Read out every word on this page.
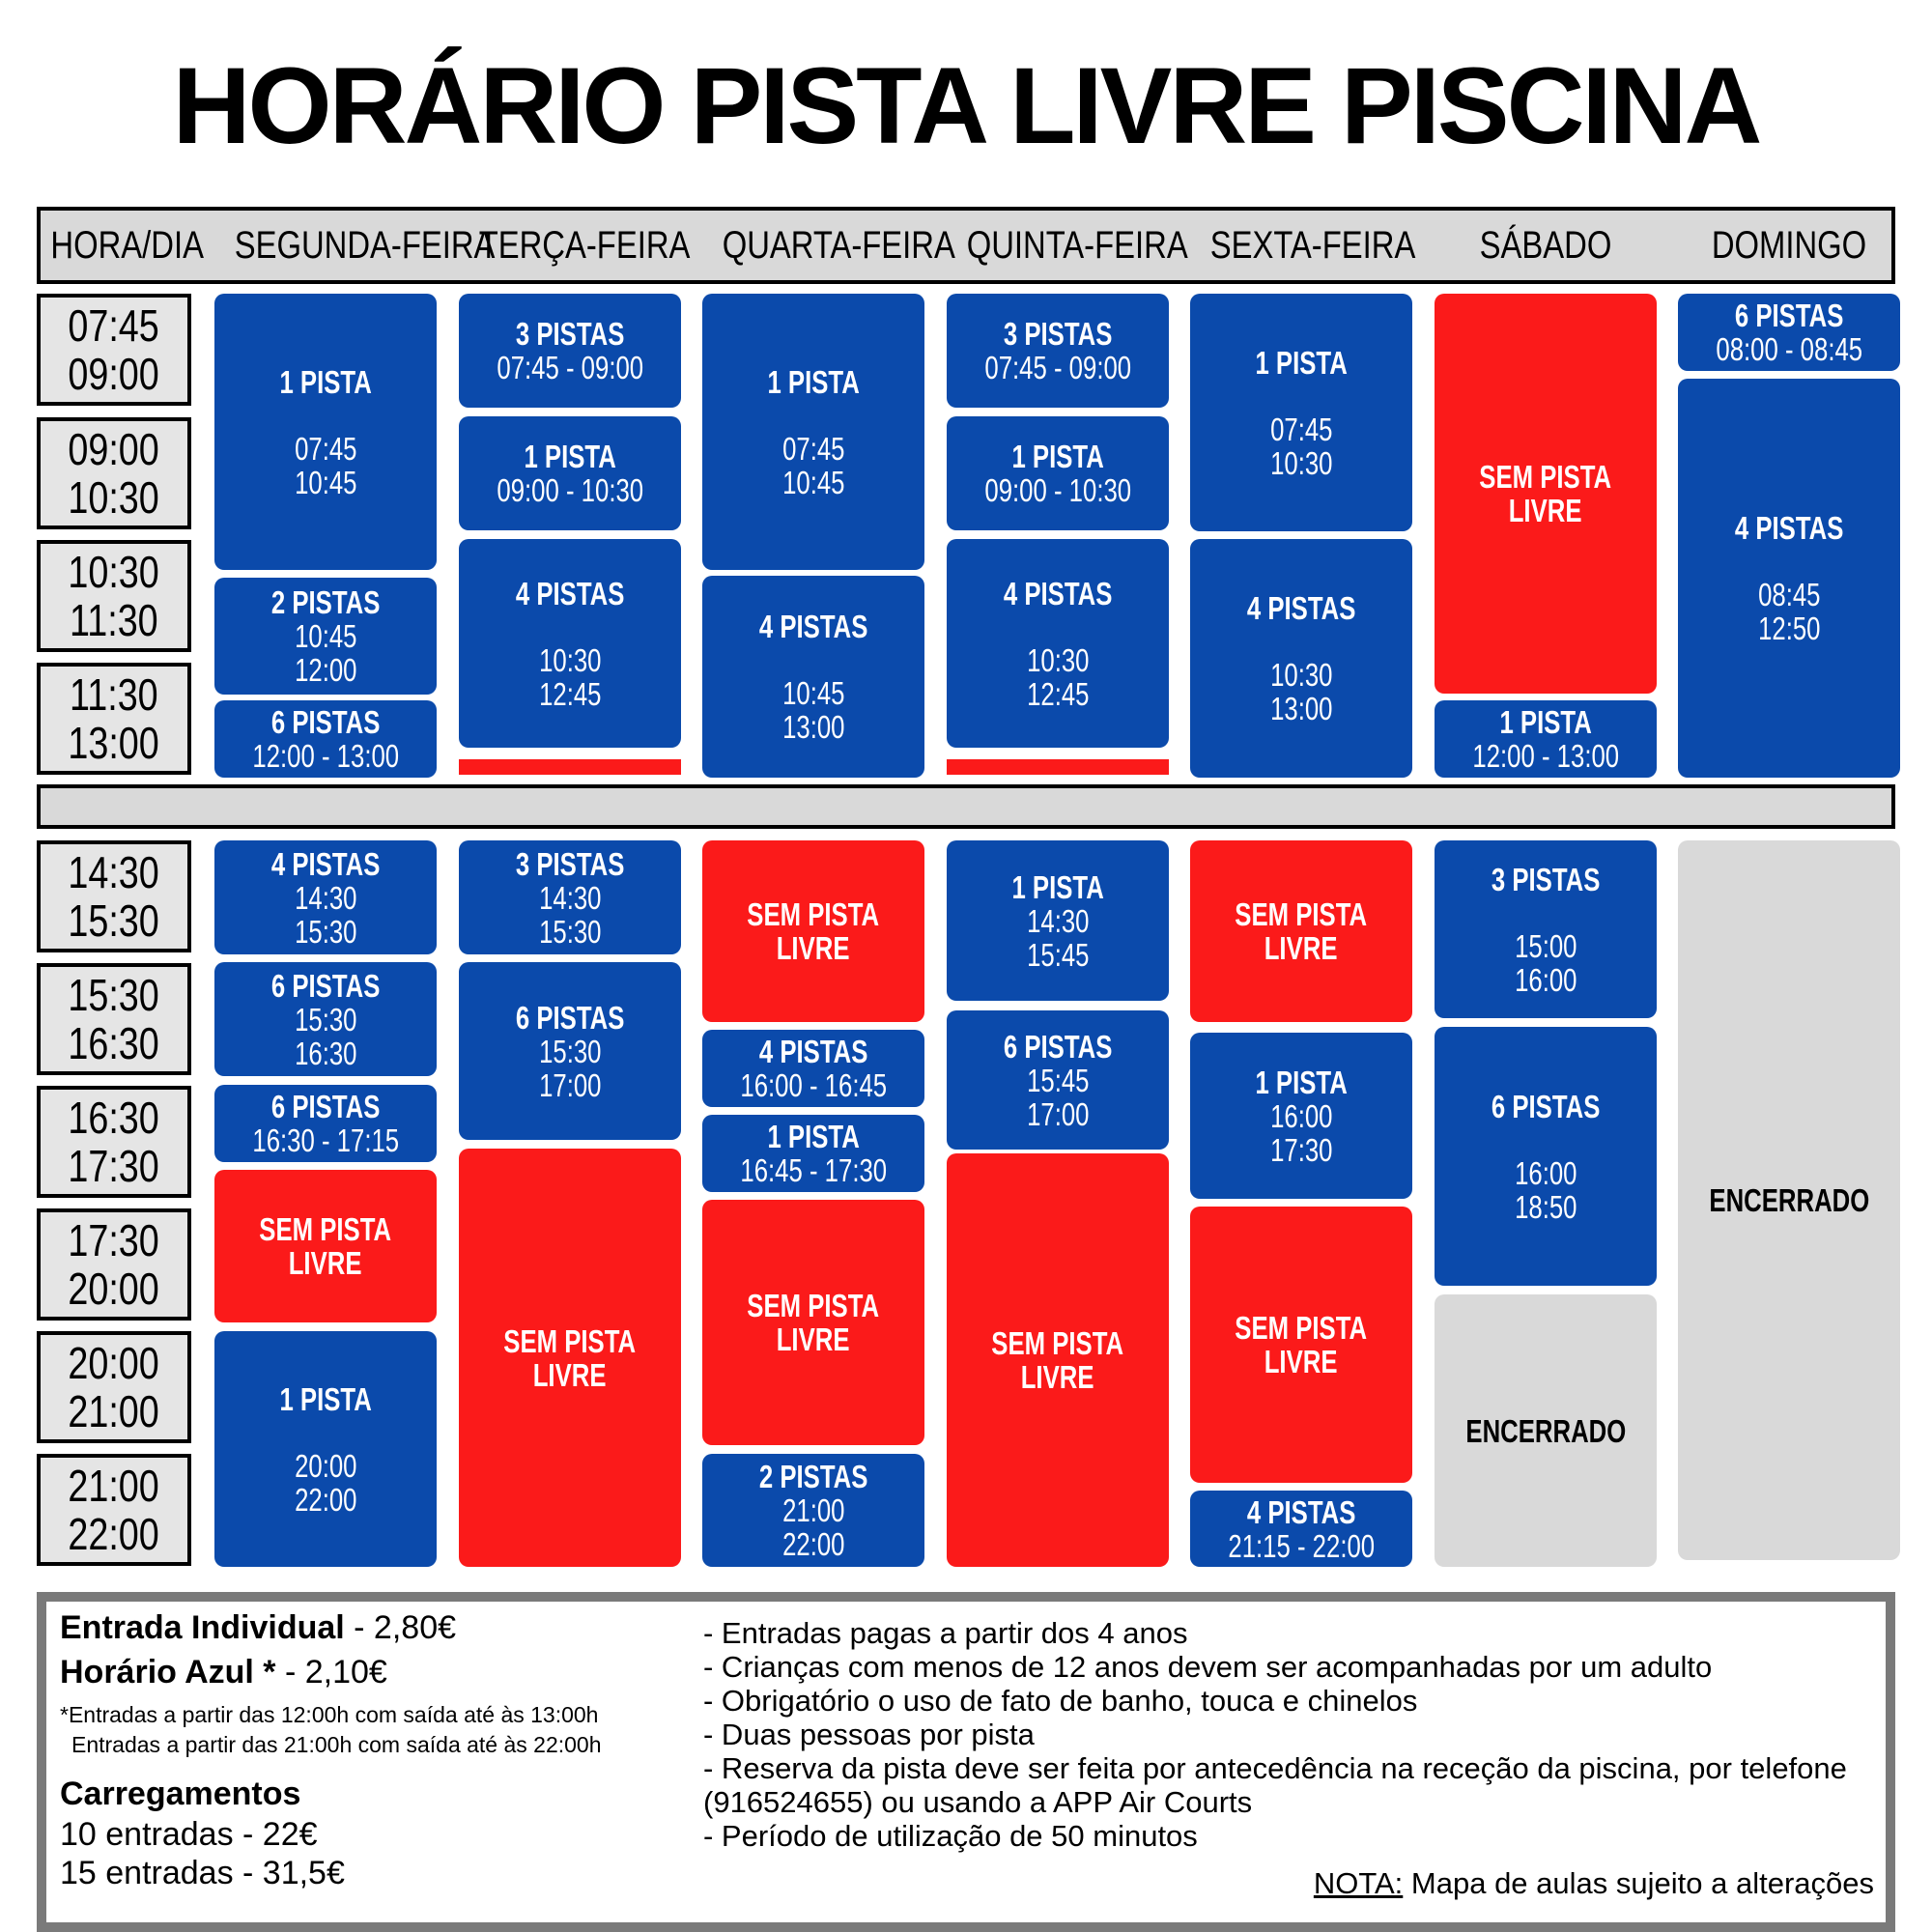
HORÁRIO PISTA LIVRE PISCINA
HORA/DIA SEGUNDA-FEIRA
TERÇA-FEIRA QUARTA-FEIRA QUINTA-FEIRA SEXTA-FEIRA	SÁBADO	DOMINGO
07:45
09:00
09:00
10:30
10:30
11:30
11:30
13:00
14:30
15:30
15:30
16:30
16:30
17:30
17:30
20:00
20:00
21:00
21:00
22:00
1 PISTA
07:45
10:45
2 PISTAS
10:45
12:00
6 PISTAS
12:00 - 13:00
4 PISTAS
14:30
15:30
6 PISTAS
15:30
16:30
6 PISTAS
16:30 - 17:15
SEM PISTA
LIVRE
1 PISTA
20:00
22:00
3 PISTAS
07:45 - 09:00
1 PISTA
09:00 - 10:30
4 PISTAS
10:30
12:45
3 PISTAS
14:30
15:30
6 PISTAS
15:30
17:00
SEM PISTA
LIVRE
1 PISTA
07:45
10:45
4 PISTAS
10:45
13:00
SEM PISTA
LIVRE
4 PISTAS
16:00 - 16:45
1 PISTA
16:45 - 17:30
SEM PISTA
LIVRE
2 PISTAS
21:00
22:00
3 PISTAS
07:45 - 09:00
1 PISTA
09:00 - 10:30
4 PISTAS
10:30
12:45
1 PISTA
14:30
15:45
6 PISTAS
15:45
17:00
SEM PISTA
LIVRE
1 PISTA
07:45
10:30
4 PISTAS
10:30
13:00
SEM PISTA
LIVRE
1 PISTA
16:00
17:30
SEM PISTA
LIVRE
4 PISTAS
21:15 - 22:00
SEM PISTA
LIVRE
1 PISTA
12:00 - 13:00
3 PISTAS
15:00
16:00
6 PISTAS
16:00
18:50
ENCERRADO
6 PISTAS
08:00 - 08:45
4 PISTAS
08:45
12:50
ENCERRADO
Entrada Individual - 2,80€
Horário Azul * - 2,10€
*Entradas a partir das 12:00h com saída até às 13:00h
Entradas a partir das 21:00h com saída até às 22:00h
Carregamentos
10 entradas - 22€
15 entradas - 31,5€
- Entradas pagas a partir dos 4 anos
- Crianças com menos de 12 anos devem ser acompanhadas por um adulto
- Obrigatório o uso de fato de banho, touca e chinelos
- Duas pessoas por pista
- Reserva da pista deve ser feita por antecedência na receção da piscina, por telefone
(916524655) ou usando a APP Air Courts
- Período de utilização de 50 minutos
NOTA: Mapa de aulas sujeito a alterações
